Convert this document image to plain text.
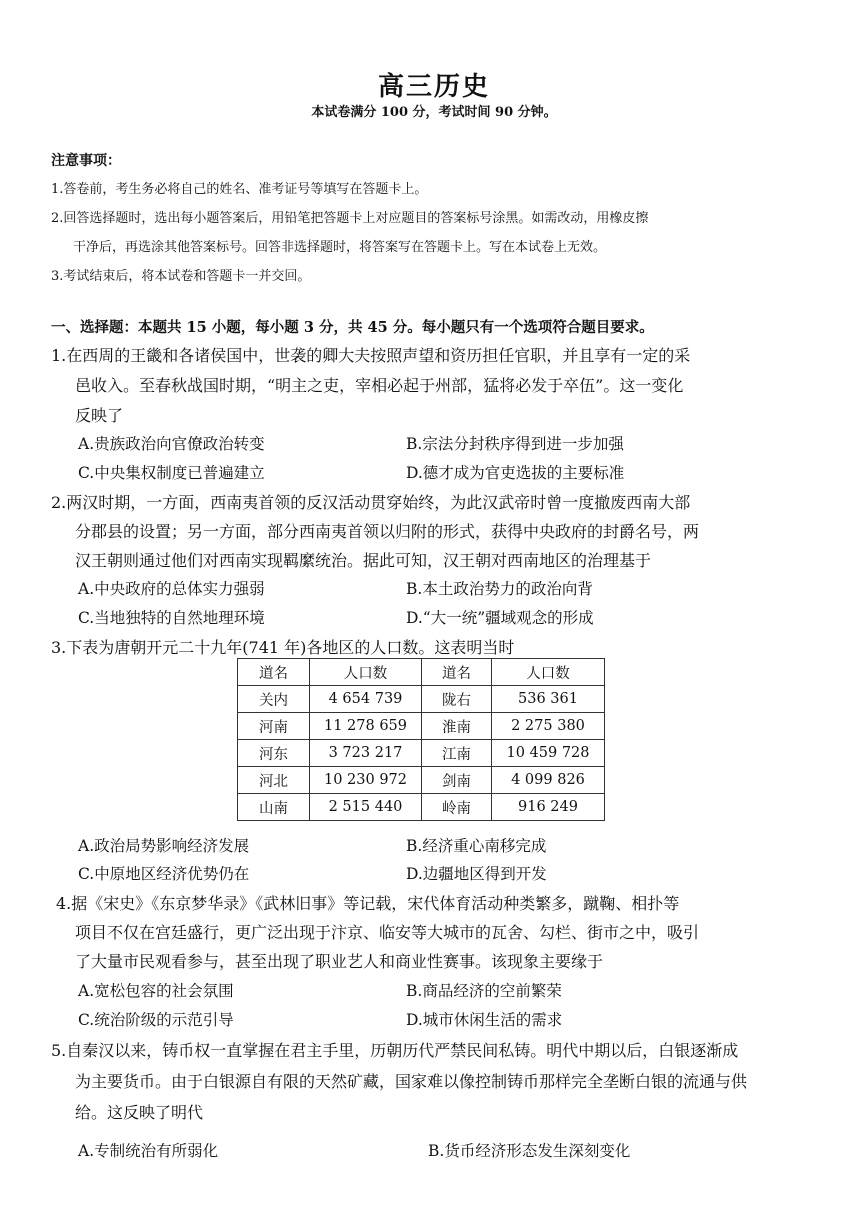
高三历史
本试卷满分 100 分，考试时间 90 分钟。
注意事项：
1.答卷前，考生务必将自己的姓名、准考证号等填写在答题卡上。
2.回答选择题时，选出每小题答案后，用铅笔把答题卡上对应题目的答案标号涂黑。如需改动，用橡皮擦
干净后，再选涂其他答案标号。回答非选择题时，将答案写在答题卡上。写在本试卷上无效。
3.考试结束后，将本试卷和答题卡一并交回。
一、选择题：本题共 15 小题，每小题 3 分，共 45 分。每小题只有一个选项符合题目要求。
1.在西周的王畿和各诸侯国中，世袭的卿大夫按照声望和资历担任官职，并且享有一定的采
邑收入。至春秋战国时期，“明主之吏，宰相必起于州部，猛将必发于卒伍”。这一变化
反映了
A.贵族政治向官僚政治转变	B.宗法分封秩序得到进一步加强
C.中央集权制度已普遍建立	D.德才成为官吏选拔的主要标准
2.两汉时期，一方面，西南夷首领的反汉活动贯穿始终，为此汉武帝时曾一度撤废西南大部
分郡县的设置；另一方面，部分西南夷首领以归附的形式，获得中央政府的封爵名号，两
汉王朝则通过他们对西南实现羁縻统治。据此可知，汉王朝对西南地区的治理基于
A.中央政府的总体实力强弱	B.本土政治势力的政治向背
C.当地独特的自然地理环境	D.“大一统”疆域观念的形成
3.下表为唐朝开元二十九年(741 年)各地区的人口数。这表明当时
道名	人口数	道名	人口数
关内	4 654 739	陇右	536 361
河南	11 278 659	淮南	2 275 380
河东	3 723 217	江南	10 459 728
河北	10 230 972	剑南	4 099 826
山南	2 515 440	岭南	916 249
A.政治局势影响经济发展	B.经济重心南移完成
C.中原地区经济优势仍在	D.边疆地区得到开发
4.据《宋史》《东京梦华录》《武林旧事》等记载，宋代体育活动种类繁多，蹴鞠、相扑等
项目不仅在宫廷盛行，更广泛出现于汴京、临安等大城市的瓦舍、勾栏、街市之中，吸引
了大量市民观看参与，甚至出现了职业艺人和商业性赛事。该现象主要缘于
A.宽松包容的社会氛围	B.商品经济的空前繁荣
C.统治阶级的示范引导	D.城市休闲生活的需求
5.自秦汉以来，铸币权一直掌握在君主手里，历朝历代严禁民间私铸。明代中期以后，白银逐渐成
为主要货币。由于白银源自有限的天然矿藏，国家难以像控制铸币那样完全垄断白银的流通与供
给。这反映了明代
A.专制统治有所弱化	B.货币经济形态发生深刻变化
